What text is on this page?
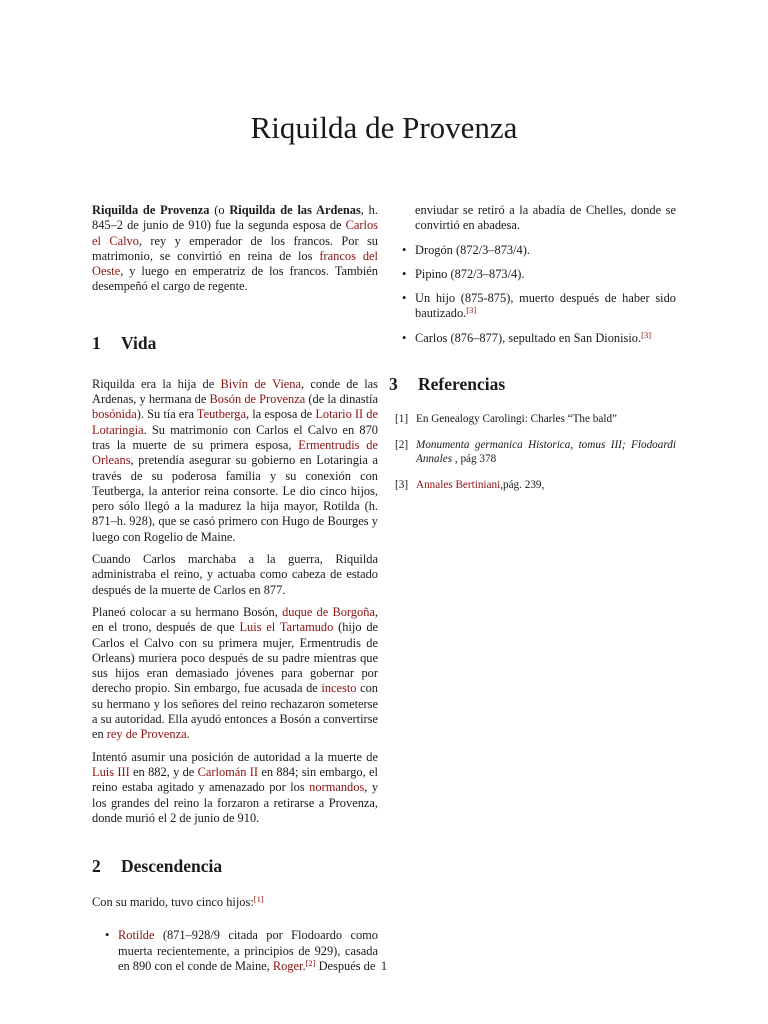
Riquilda de Provenza

Riquilda de Provenza (o Riquilda de las Ardenas, h. 845–2 de junio de 910) fue la segunda esposa de Carlos el Calvo, rey y emperador de los francos. Por su matrimonio, se convirtió en reina de los francos del Oeste, y luego en emperatriz de los francos. También desempeñó el cargo de regente.

1 Vida

Riquilda era la hija de Bivín de Viena, conde de las Ardenas, y hermana de Bosón de Provenza (de la dinastía bosónida). Su tía era Teutberga, la esposa de Lotario II de Lotaringia. Su matrimonio con Carlos el Calvo en 870 tras la muerte de su primera esposa, Ermentrudis de Orleans, pretendía asegurar su gobierno en Lotaringia a través de su poderosa familia y su conexión con Teutberga, la anterior reina consorte. Le dio cinco hijos, pero sólo llegó a la madurez la hija mayor, Rotilda (h. 871–h. 928), que se casó primero con Hugo de Bourges y luego con Rogelio de Maine.

Cuando Carlos marchaba a la guerra, Riquilda administraba el reino, y actuaba como cabeza de estado después de la muerte de Carlos en 877.

Planeó colocar a su hermano Bosón, duque de Borgoña, en el trono, después de que Luis el Tartamudo (hijo de Carlos el Calvo con su primera mujer, Ermentrudis de Orleans) muriera poco después de su padre mientras que sus hijos eran demasiado jóvenes para gobernar por derecho propio. Sin embargo, fue acusada de incesto con su hermano y los señores del reino rechazaron someterse a su autoridad. Ella ayudó entonces a Bosón a convertirse en rey de Provenza.

Intentó asumir una posición de autoridad a la muerte de Luis III en 882, y de Carlomán II en 884; sin embargo, el reino estaba agitado y amenazado por los normandos, y los grandes del reino la forzaron a retirarse a Provenza, donde murió el 2 de junio de 910.

2 Descendencia

Con su marido, tuvo cinco hijos:[1]

• Rotilde (871–928/9 citada por Flodoardo como muerta recientemente, a principios de 929), casada en 890 con el conde de Maine, Roger.[2] Después de
enviudar se retiró a la abadía de Chelles, donde se convirtió en abadesa.
• Drogón (872/3–873/4).
• Pipino (872/3–873/4).
• Un hijo (875-875), muerto después de haber sido bautizado.[3]
• Carlos (876–877), sepultado en San Dionisio.[3]
3 Referencias
[1] En Genealogy Carolingi: Charles “The bald”
[2] Monumenta germanica Historica, tomus III; Flodoardi Annales , pág 378
[3] Annales Bertiniani,pág. 239,
1
